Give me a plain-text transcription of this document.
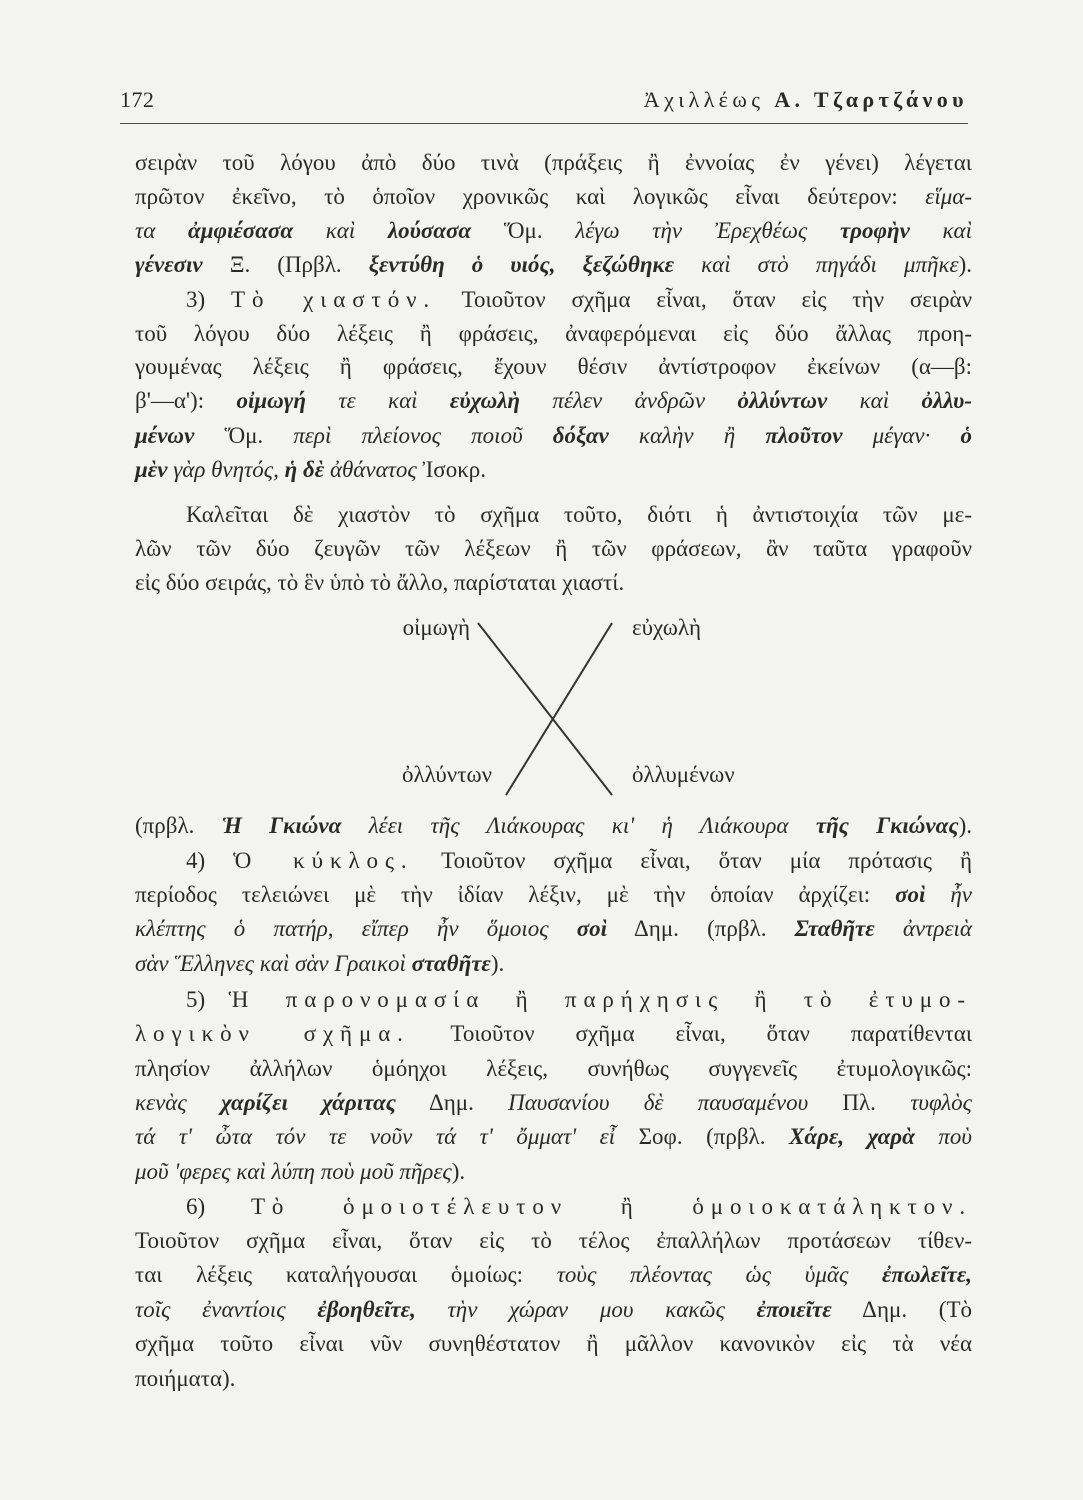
172	Ἀχιλλέως Α. Τζαρτζάνου
σειρὰν τοῦ λόγου ἀπὸ δύο τινὰ (πράξεις ἢ ἐννοίας ἐν γένει) λέγεται
πρῶτον ἐκεῖνο, τὸ ὁποῖον χρονικῶς καὶ λογικῶς εἶναι δεύτερον: εἵμα-
τα ἀμφιέσασα καὶ λούσασα Ὅμ. λέγω τὴν Ἐρεχθέως τροφὴν καὶ
γένεσιν Ξ. (Πρβλ. ξεντύθη ὁ υιός, ξεζώθηκε καὶ στὸ πηγάδι μπῆκε).
3) Τὸ χιαστόν. Τοιοῦτον σχῆμα εἶναι, ὅταν εἰς τὴν σειρὰν
τοῦ λόγου δύο λέξεις ἢ φράσεις, ἀναφερόμεναι εἰς δύο ἄλλας προη-
γουμένας λέξεις ἢ φράσεις, ἔχουν θέσιν ἀντίστροφον ἐκείνων (α—β:
β'—α'): οἰμωγή τε καὶ εὐχωλὴ πέλεν ἀνδρῶν ὀλλύντων καὶ ὀλλυ-
μένων Ὅμ. περὶ πλείονος ποιοῦ δόξαν καλὴν ἢ πλοῦτον μέγαν· ὁ
μὲν γὰρ θνητός, ἡ δὲ ἀθάνατος Ἰσοκρ.
Καλεῖται δὲ χιαστὸν τὸ σχῆμα τοῦτο, διότι ἡ ἀντιστοιχία τῶν με-
λῶν τῶν δύο ζευγῶν τῶν λέξεων ἢ τῶν φράσεων, ἂν ταῦτα γραφοῦν
εἰς δύο σειράς, τὸ ἓν ὑπὸ τὸ ἄλλο, παρίσταται χιαστί.
(πρβλ. Ἡ Γκιώνα λέει τῆς Λιάκουρας κι' ἡ Λιάκουρα τῆς Γκιώνας).
4) Ὁ κύκλος. Τοιοῦτον σχῆμα εἶναι, ὅταν μία πρότασις ἢ
περίοδος τελειώνει μὲ τὴν ἰδίαν λέξιν, μὲ τὴν ὁποίαν ἀρχίζει: σοὶ ἦν
κλέπτης ὁ πατήρ, εἴπερ ἦν ὅμοιος σοὶ Δημ. (πρβλ. Σταθῆτε ἀντρειὰ
σὰν Ἕλληνες καὶ σὰν Γραικοὶ σταθῆτε).
5) Ἡ παρονομασία ἢ παρήχησις ἢ τὸ ἐτυμο-
λογικὸν σχῆμα. Τοιοῦτον σχῆμα εἶναι, ὅταν παρατίθενται
πλησίον ἀλλήλων ὁμόηχοι λέξεις, συνήθως συγγενεῖς ἐτυμολογικῶς:
κενὰς χαρίζει χάριτας Δημ. Παυσανίου δὲ παυσαμένου Πλ. τυφλὸς
τά τ' ὦτα τόν τε νοῦν τά τ' ὄμματ' εἶ Σοφ. (πρβλ. Χάρε, χαρὰ ποὺ
μοῦ 'φερες καὶ λύπη ποὺ μοῦ πῆρες).
6) Τὸ ὁμοιοτέλευτον ἢ ὁμοιοκατάληκτον.
Τοιοῦτον σχῆμα εἶναι, ὅταν εἰς τὸ τέλος ἐπαλλήλων προτάσεων τίθεν-
ται λέξεις καταλήγουσαι ὁμοίως: τοὺς πλέοντας ὡς ὑμᾶς ἐπωλεῖτε,
τοῖς ἐναντίοις ἐβοηθεῖτε, τὴν χώραν μου κακῶς ἐποιεῖτε Δημ. (Τὸ
σχῆμα τοῦτο εἶναι νῦν συνηθέστατον ἢ μᾶλλον κανονικὸν εἰς τὰ νέα
ποιήματα).
οἰμωγὴ	εὐχωλὴ
ὀλλύντων	ὀλλυμένων
